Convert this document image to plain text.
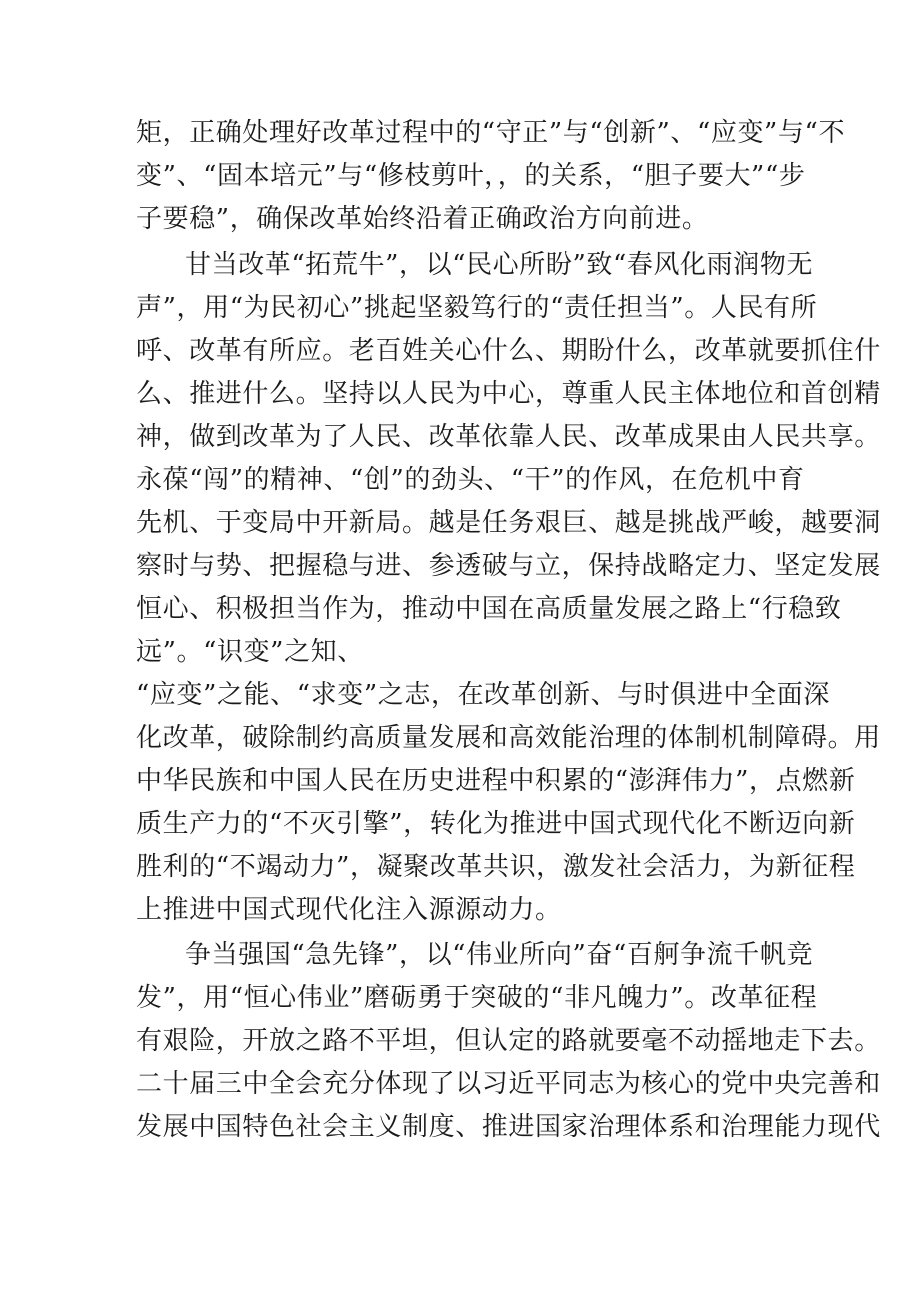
矩，正确处理好改革过程中的“守正”与“创新”、“应变”与“不
变”、“固本培元”与“修枝剪叶，，的关系，“胆子要大”“步
子要稳”，确保改革始终沿着正确政治方向前进。
甘当改革“拓荒牛”，以“民心所盼”致“春风化雨润物无
声”，用“为民初心”挑起坚毅笃行的“责任担当”。人民有所
呼、改革有所应。老百姓关心什么、期盼什么，改革就要抓住什
么、推进什么。坚持以人民为中心，尊重人民主体地位和首创精
神，做到改革为了人民、改革依靠人民、改革成果由人民共享。
永葆“闯”的精神、“创”的劲头、“干”的作风，在危机中育
先机、于变局中开新局。越是任务艰巨、越是挑战严峻，越要洞
察时与势、把握稳与进、参透破与立，保持战略定力、坚定发展
恒心、积极担当作为，推动中国在高质量发展之路上“行稳致
远”。“识变”之知、
“应变”之能、“求变”之志，在改革创新、与时俱进中全面深
化改革，破除制约高质量发展和高效能治理的体制机制障碍。用
中华民族和中国人民在历史进程中积累的“澎湃伟力”，点燃新
质生产力的“不灭引擎”，转化为推进中国式现代化不断迈向新
胜利的“不竭动力”，凝聚改革共识，激发社会活力，为新征程
上推进中国式现代化注入源源动力。
争当强国“急先锋”，以“伟业所向”奋“百舸争流千帆竞
发”，用“恒心伟业”磨砺勇于突破的“非凡魄力”。改革征程
有艰险，开放之路不平坦，但认定的路就要毫不动摇地走下去。
二十届三中全会充分体现了以习近平同志为核心的党中央完善和
发展中国特色社会主义制度、推进国家治理体系和治理能力现代
